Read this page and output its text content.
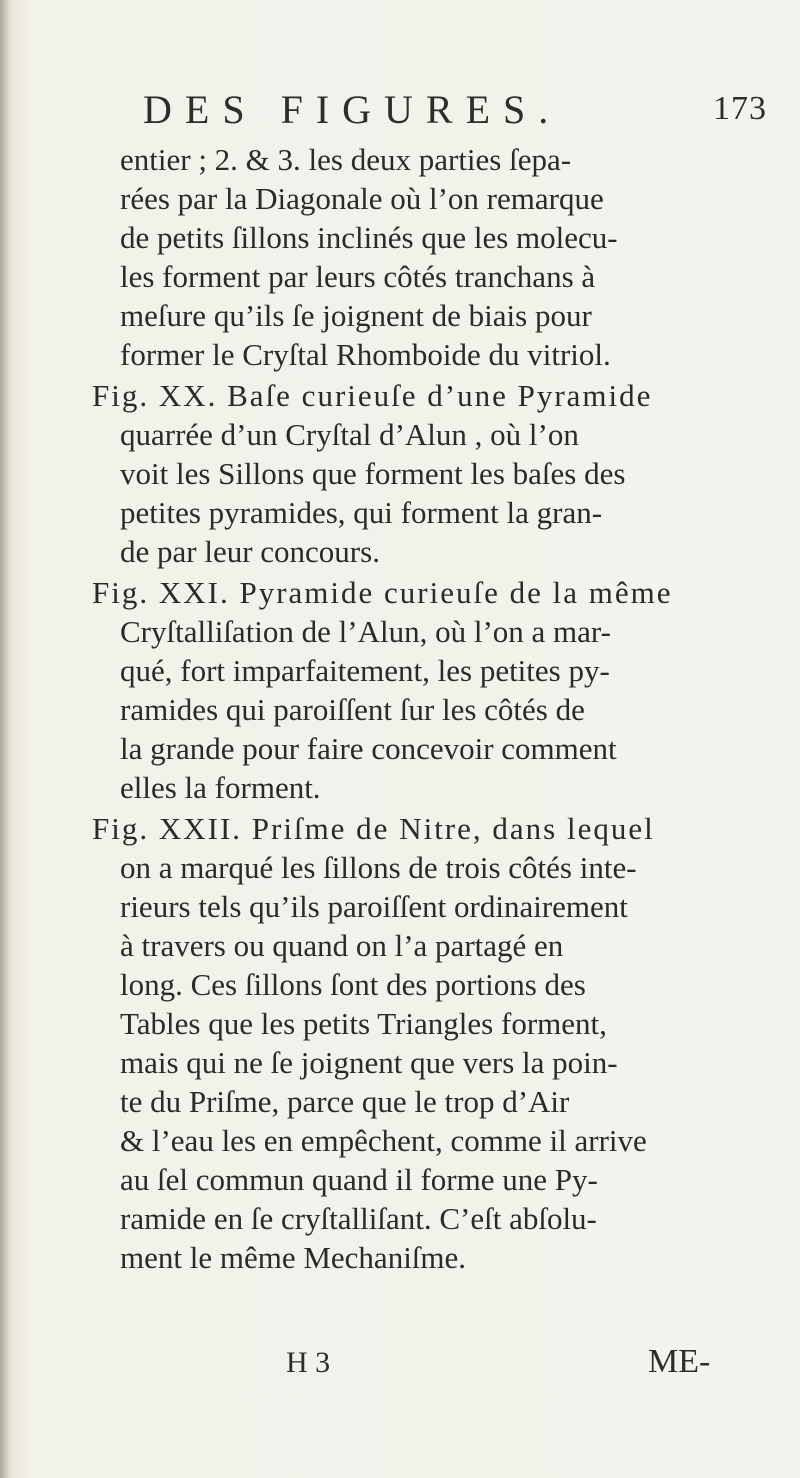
DES FIGURES.	173
entier ; 2. & 3. les deux parties ſepa-
rées par la Diagonale où l’on remarque
de petits ſillons inclinés que les molecu-
les forment par leurs côtés tranchans à
meſure qu’ils ſe joignent de biais pour
former le Cryſtal Rhomboide du vitriol.
Fig. XX. Baſe curieuſe d’une Pyramide
quarrée d’un Cryſtal d’Alun , où l’on
voit les Sillons que forment les baſes des
petites pyramides, qui forment la gran-
de par leur concours.
Fig. XXI. Pyramide curieuſe de la même
Cryſtalliſation de l’Alun, où l’on a mar-
qué, fort imparfaitement, les petites py-
ramides qui paroiſſent ſur les côtés de
la grande pour faire concevoir comment
elles la forment.
Fig. XXII. Priſme de Nitre, dans lequel
on a marqué les ſillons de trois côtés inte-
rieurs tels qu’ils paroiſſent ordinairement
à travers ou quand on l’a partagé en
long. Ces ſillons ſont des portions des
Tables que les petits Triangles forment,
mais qui ne ſe joignent que vers la poin-
te du Priſme, parce que le trop d’Air
& l’eau les en empêchent, comme il arrive
au ſel commun quand il forme une Py-
ramide en ſe cryſtalliſant. C’eſt abſolu-
ment le même Mechaniſme.
H 3	ME-
